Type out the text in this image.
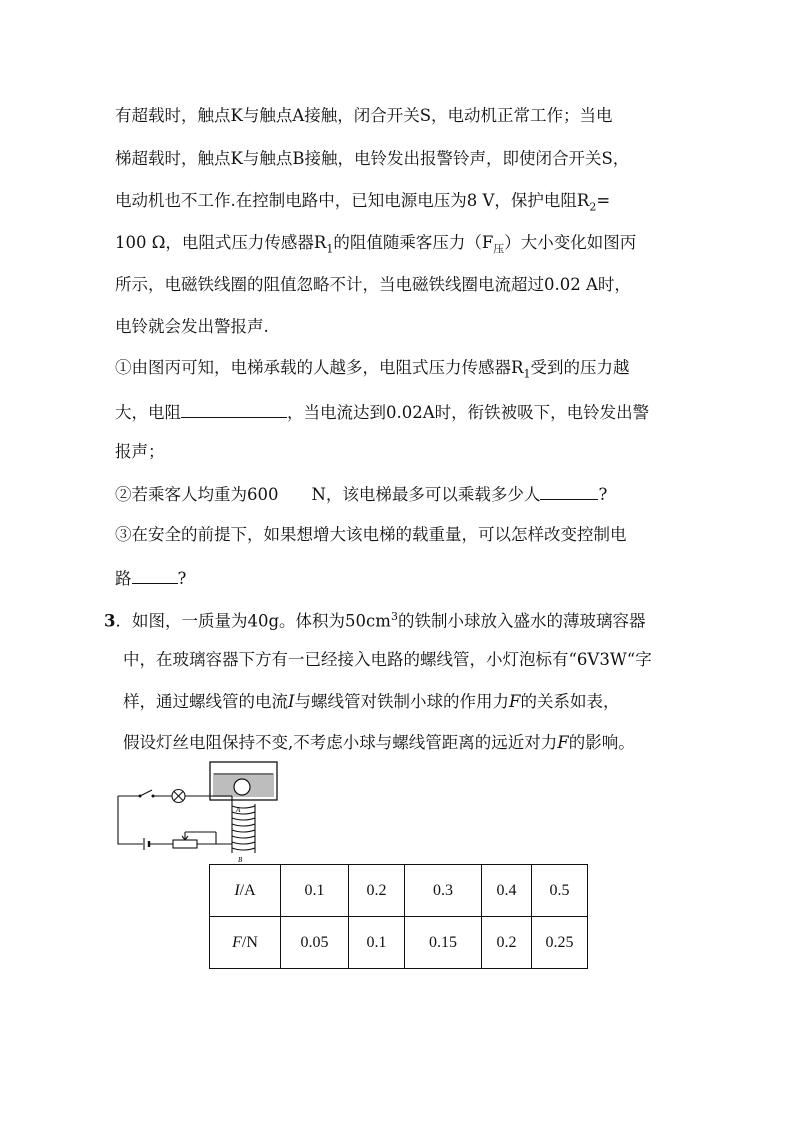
有超载时，触点K与触点A接触，闭合开关S，电动机正常工作；当电
梯超载时，触点K与触点B接触，电铃发出报警铃声，即使闭合开关S，
电动机也不工作.在控制电路中，已知电源电压为8 V，保护电阻$R_2=$
100 Ω，电阻式压力传感器$R_1$的阻值随乘客压力$(F_压)$大小变化如图丙
所示，电磁铁线圈的阻值忽略不计，当电磁铁线圈电流超过0.02 A时，
电铃就会发出警报声.
①由图丙可知，电梯承载的人越多，电阻式压力传感器$R_1$受到的压力越
大，电阻	，当电流达到0.02A时，衔铁被吸下，电铃发出警
报声；
②若乘客人均重为600　　N，该电梯最多可以乘载多少人	?
③在安全的前提下，如果想增大该电梯的载重量，可以怎样改变控制电
路	?
3．如图，一质量为40g。体积为$50cm^3$的铁制小球放入盛水的薄玻璃容器
中，在玻璃容器下方有一已经接入电路的螺线管，小灯泡标有“6V3W“字
样，通过螺线管的电流I与螺线管对铁制小球的作用力F的关系如表，
假设灯丝电阻保持不变,不考虑小球与螺线管距离的远近对力F的影响。
A
B
I/A	0.1	0.2	0.3	0.4	0.5
F/N	0.05	0.1	0.15	0.2	0.25
